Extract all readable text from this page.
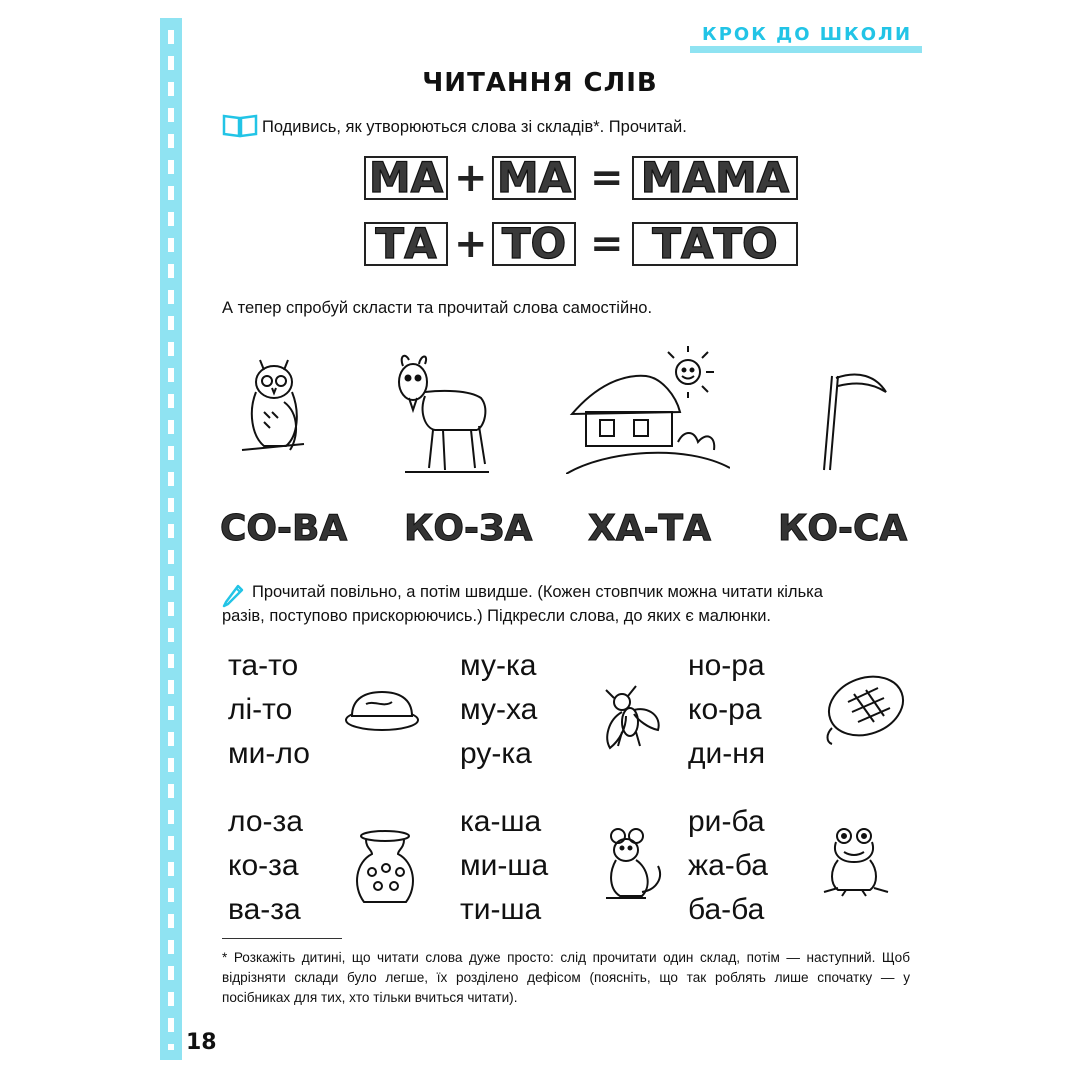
КРОК ДО ШКОЛИ
ЧИТАННЯ СЛІВ
Подивись, як утворюються слова зі складів*. Прочитай.
МА + МА = МАМА
ТА + ТО = ТАТО
А тепер спробуй скласти та прочитай слова самостійно.
СО-ВА КО-ЗА ХА-ТА КО-СА
Прочитай повільно, а потім швидше. (Кожен стовпчик можна читати кілька
разів, поступово прискорюючись.) Підкресли слова, до яких є малюнки.
та-то
лі-то
ми-ло
му-ка
му-ха
ру-ка
но-ра
ко-ра
ди-ня
ло-за
ко-за
ва-за
ка-ша
ми-ша
ти-ша
ри-ба
жа-ба
ба-ба
* Розкажіть дитині, що читати слова дуже просто: слід прочитати один склад, потім — наступний. Щоб відрізняти склади було легше, їх розділено дефісом (поясніть, що так роблять лише спочатку — у посібниках для тих, хто тільки вчиться читати).
18
